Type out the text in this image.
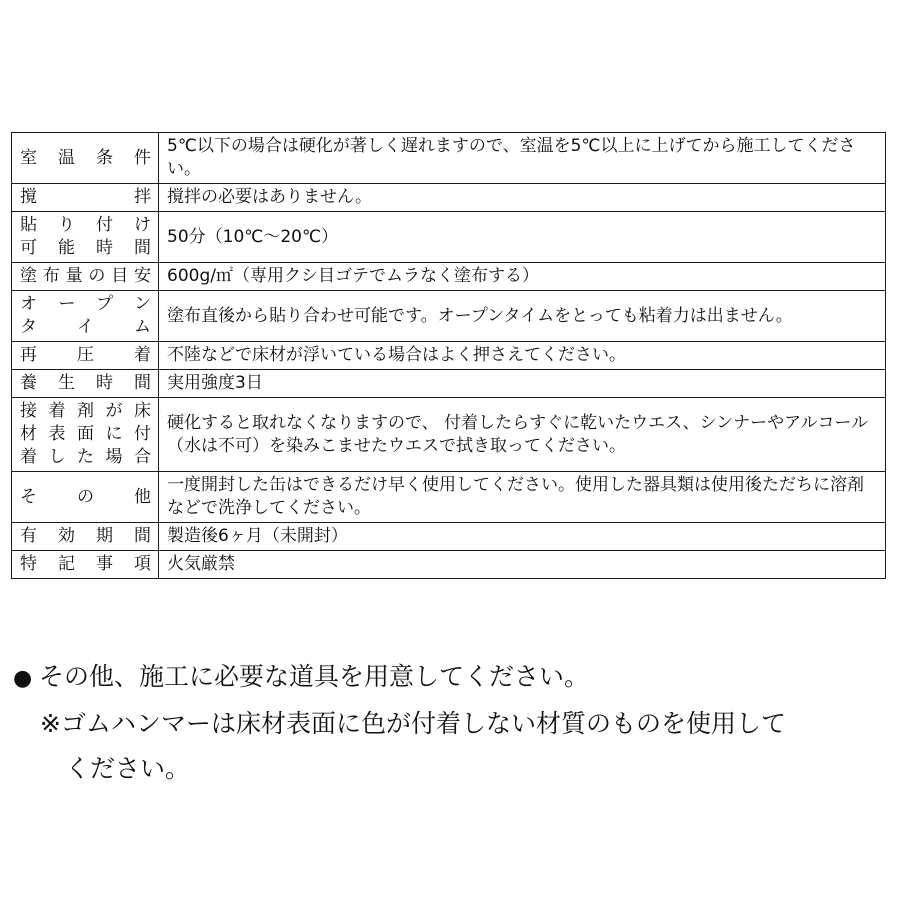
室温条件	5℃以下の場合は硬化が著しく遅れますので、室温を5℃以上に上げてから施工してください。
撹　　拌	撹拌の必要はありません。
貼り付け
可能時間	50分（10℃〜20℃）
塗布量の目安	600g/㎡（専用クシ目ゴテでムラなく塗布する）
オープン
タイム	塗布直後から貼り合わせ可能です。オープンタイムをとっても粘着力は出ません。
再圧着	不陸などで床材が浮いている場合はよく押さえてください。
養生時間	実用強度3日
接着剤が床
材表面に付
着した場合	硬化すると取れなくなりますので、 付着したらすぐに乾いたウエス、シンナーやアルコール（水は不可）を染みこませたウエスで拭き取ってください。
そ の 他	一度開封した缶はできるだけ早く使用してください。使用した器具類は使用後ただちに溶剤などで洗浄してください。
有効期間	製造後6ヶ月（未開封）
特記事項	火気厳禁
● その他、施工に必要な道具を用意してください。
※ゴムハンマーは床材表面に色が付着しない材質のものを使用して
　ください。
